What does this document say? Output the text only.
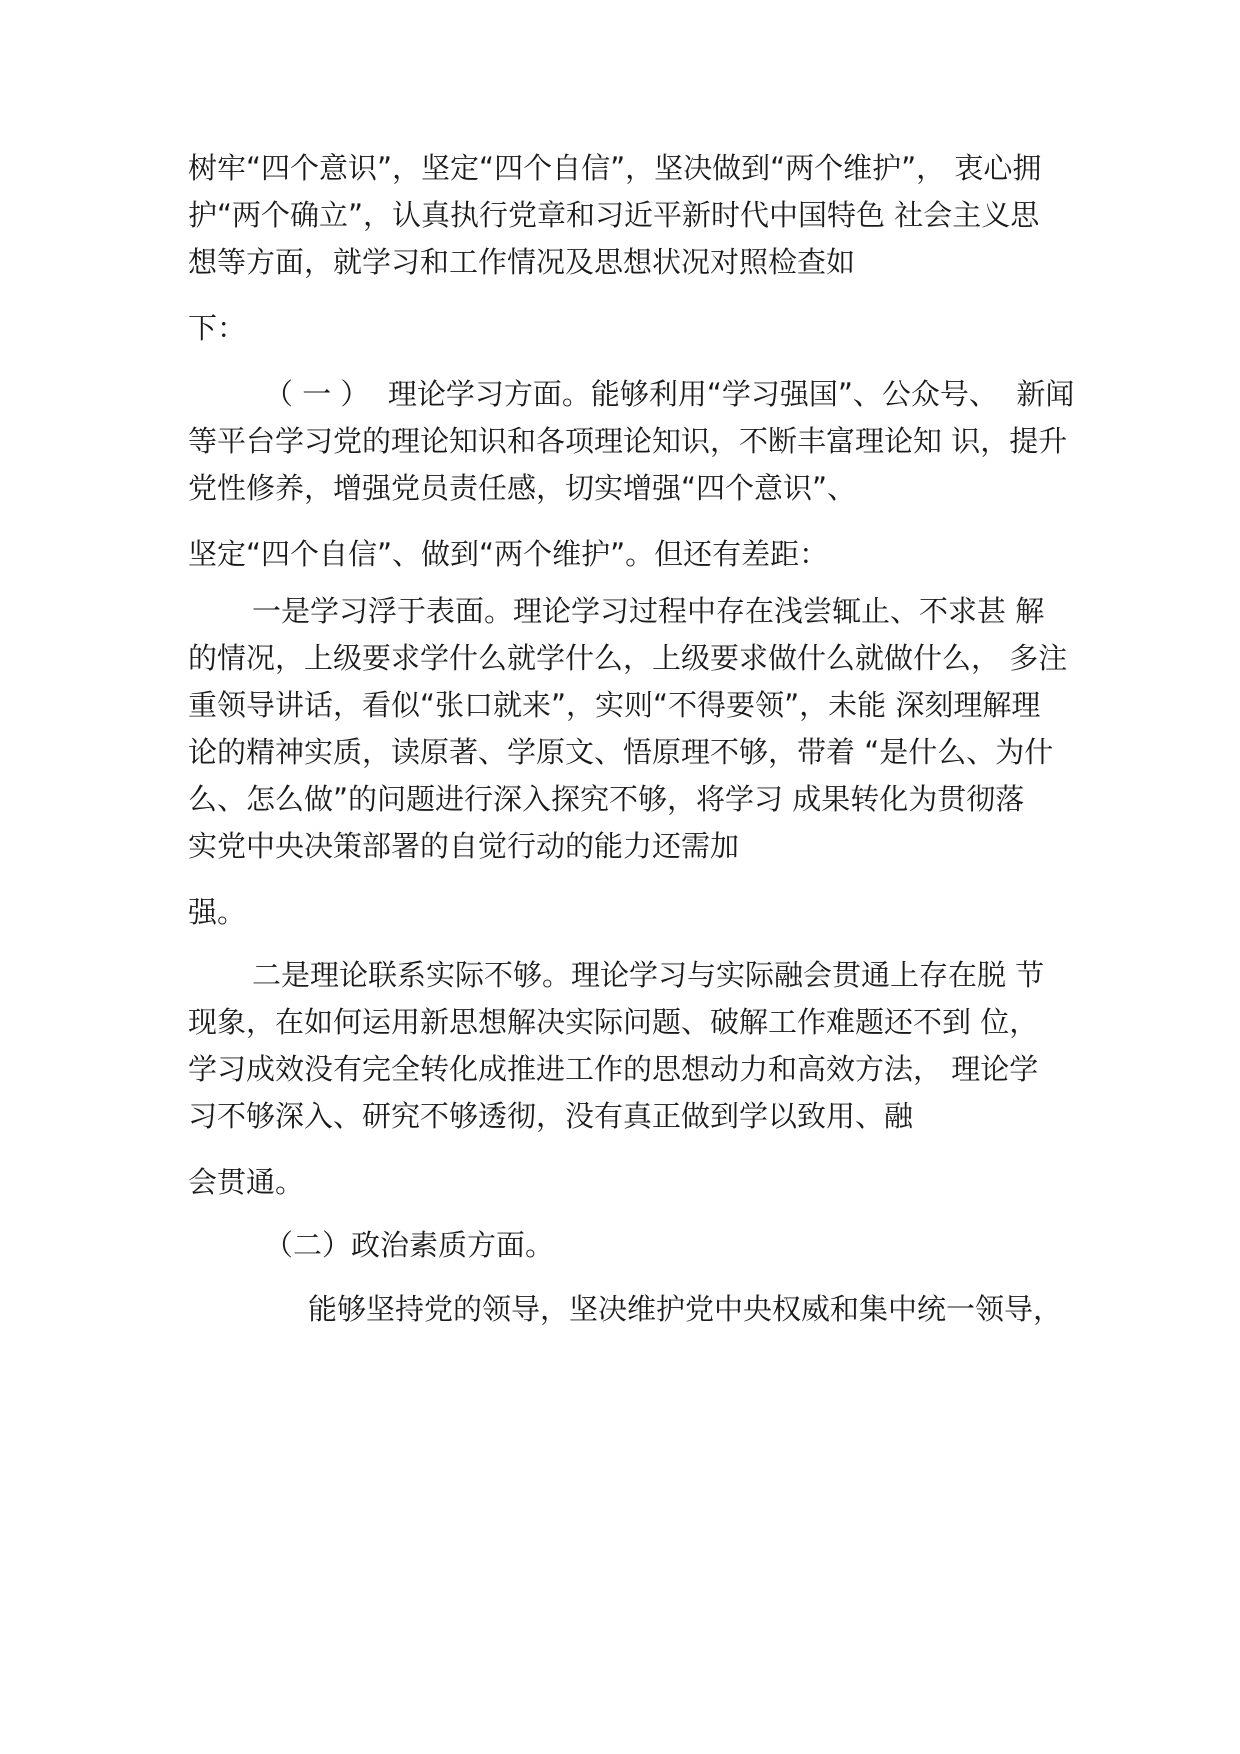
树牢“四个意识”，坚定“四个自信”，坚决做到“两个维护”， 衷心拥
护“两个确立”，认真执行党章和习近平新时代中国特色 社会主义思
想等方面，就学习和工作情况及思想状况对照检查如
下：
（ 一 ）  理论学习方面。能够利用“学习强国”、公众号、  新闻
等平台学习党的理论知识和各项理论知识，不断丰富理论知 识，提升
党性修养，增强党员责任感，切实增强“四个意识”、
坚定“四个自信”、做到“两个维护”。但还有差距：
一是学习浮于表面。理论学习过程中存在浅尝辄止、不求甚 解
的情况，上级要求学什么就学什么，上级要求做什么就做什么， 多注
重领导讲话，看似“张口就来”，实则“不得要领”，未能 深刻理解理
论的精神实质，读原著、学原文、悟原理不够，带着 “是什么、为什
么、怎么做”的问题进行深入探究不够，将学习 成果转化为贯彻落
实党中央决策部署的自觉行动的能力还需加
强。
二是理论联系实际不够。理论学习与实际融会贯通上存在脱 节
现象，在如何运用新思想解决实际问题、破解工作难题还不到 位，
学习成效没有完全转化成推进工作的思想动力和高效方法， 理论学
习不够深入、研究不够透彻，没有真正做到学以致用、融
会贯通。
（二）政治素质方面。
能够坚持党的领导，坚决维护党中央权威和集中统一领导，
